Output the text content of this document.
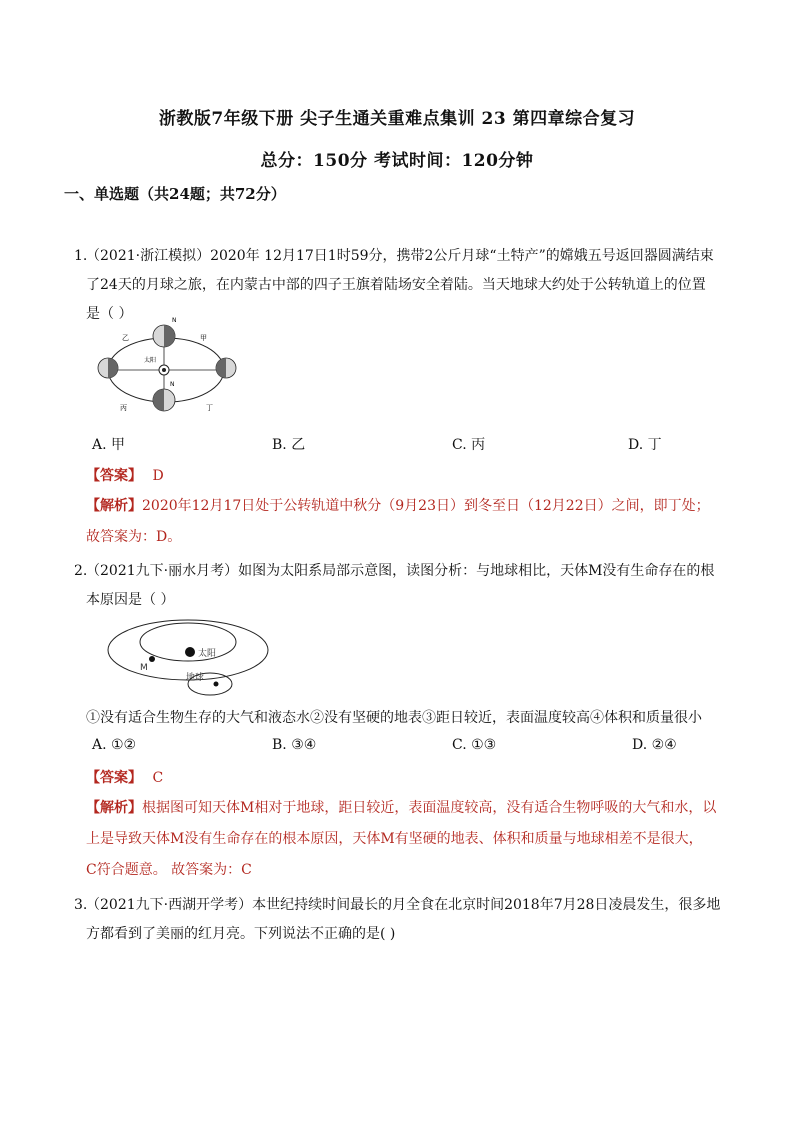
浙教版7年级下册 尖子生通关重难点集训 23 第四章综合复习
总分：150分 考试时间：120分钟
一、单选题（共24题；共72分）
1.
（2021·浙江模拟）2020年 12月17日1时59分，携带2公斤月球“土特产”的嫦娥五号返回器圆满结束
了24天的月球之旅，在内蒙古中部的四子王旗着陆场安全着陆。当天地球大约处于公转轨道上的位置
是（ ）
乙	甲
丙	丁
太阳
N
N
A. 甲	B. 乙	C. 丙	D. 丁
【答案】 D
【解析】2020年12月17日处于公转轨道中秋分（9月23日）到冬至日（12月22日）之间，即丁处；
故答案为：D。
2.
（2021九下·丽水月考）如图为太阳系局部示意图，读图分析：与地球相比，天体M没有生命存在的根
本原因是（ ）
太阳
地球
M
①没有适合生物生存的大气和液态水②没有坚硬的地表③距日较近，表面温度较高④体积和质量很小
A. ①②	B. ③④	C. ①③	D. ②④
【答案】 C
【解析】根据图可知天体M相对于地球，距日较近，表面温度较高，没有适合生物呼吸的大气和水，以
上是导致天体M没有生命存在的根本原因，天体M有坚硬的地表、体积和质量与地球相差不是很大，
C符合题意。 故答案为：C
3.
（2021九下·西湖开学考）本世纪持续时间最长的月全食在北京时间2018年7月28日凌晨发生，很多地
方都看到了美丽的红月亮。下列说法不正确的是( )
